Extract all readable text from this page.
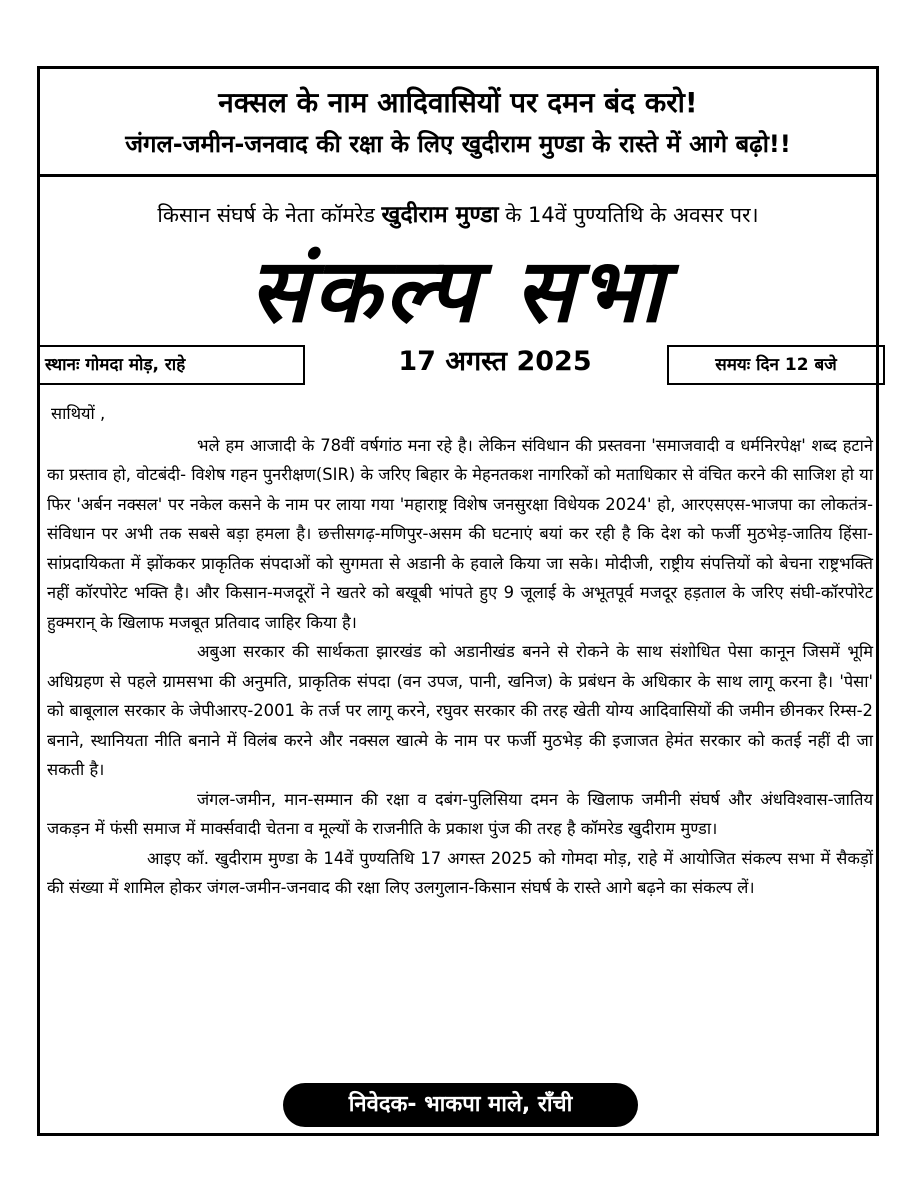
नक्सल के नाम आदिवासियों पर दमन बंद करो!
जंगल-जमीन-जनवाद की रक्षा के लिए खुदीराम मुण्डा के रास्ते में आगे बढ़ो!!
किसान संघर्ष के नेता कॉमरेड खुदीराम मुण्डा के 14वें पुण्यतिथि के अवसर पर।
संकल्प सभा
स्थानः गोमदा मोड़, राहे	17 अगस्त 2025	समयः दिन 12 बजे

साथियों ,

भले हम आजादी के 78वीं वर्षगांठ मना रहे है। लेकिन संविधान की प्रस्तवना 'समाजवादी व धर्मनिरपेक्ष' शब्द हटाने का प्रस्ताव हो, वोटबंदी- विशेष गहन पुनरीक्षण(SIR) के जरिए बिहार के मेहनतकश नागरिकों को मताधिकार से वंचित करने की साजिश हो या फिर 'अर्बन नक्सल' पर नकेल कसने के नाम पर लाया गया 'महाराष्ट्र विशेष जनसुरक्षा विधेयक 2024' हो, आरएसएस-भाजपा का लोकतंत्र-संविधान पर अभी तक सबसे बड़ा हमला है। छत्तीसगढ़-मणिपुर-असम की घटनाएं बयां कर रही है कि देश को फर्जी मुठभेड़-जातिय हिंसा-सांप्रदायिकता में झोंककर प्राकृतिक संपदाओं को सुगमता से अडानी के हवाले किया जा सके। मोदीजी, राष्ट्रीय संपत्तियों को बेचना राष्ट्रभक्ति नहीं कॉरपोरेट भक्ति है। और किसान-मजदूरों ने खतरे को बखूबी भांपते हुए 9 जूलाई के अभूतपूर्व मजदूर हड़ताल के जरिए संघी-कॉरपोरेट हुक्मरान् के खिलाफ मजबूत प्रतिवाद जाहिर किया है।

अबुआ सरकार की सार्थकता झारखंड को अडानीखंड बनने से रोकने के साथ संशोधित पेसा कानून जिसमें भूमि अधिग्रहण से पहले ग्रामसभा की अनुमति, प्राकृतिक संपदा (वन उपज, पानी, खनिज) के प्रबंधन के अधिकार के साथ लागू करना है। 'पेसा' को बाबूलाल सरकार के जेपीआरए-2001 के तर्ज पर लागू करने, रघुवर सरकार की तरह खेती योग्य आदिवासियों की जमीन छीनकर रिम्स-2 बनाने, स्थानियता नीति बनाने में विलंब करने और नक्सल खात्मे के नाम पर फर्जी मुठभेड़ की इजाजत हेमंत सरकार को कतई नहीं दी जा सकती है।

जंगल-जमीन, मान-सम्मान की रक्षा व दबंग-पुलिसिया दमन के खिलाफ जमीनी संघर्ष और अंधविश्वास-जातिय जकड़न में फंसी समाज में मार्क्सवादी चेतना व मूल्यों के राजनीति के प्रकाश पुंज की तरह है कॉमरेड खुदीराम मुण्डा।

आइए कॉ. खुदीराम मुण्डा के 14वें पुण्यतिथि 17 अगस्त 2025 को गोमदा मोड़, राहे में आयोजित संकल्प सभा में सैकड़ों की संख्या में शामिल होकर जंगल-जमीन-जनवाद की रक्षा लिए उलगुलान-किसान संघर्ष के रास्ते आगे बढ़ने का संकल्प लें।

निवेदक- भाकपा माले, राँची
